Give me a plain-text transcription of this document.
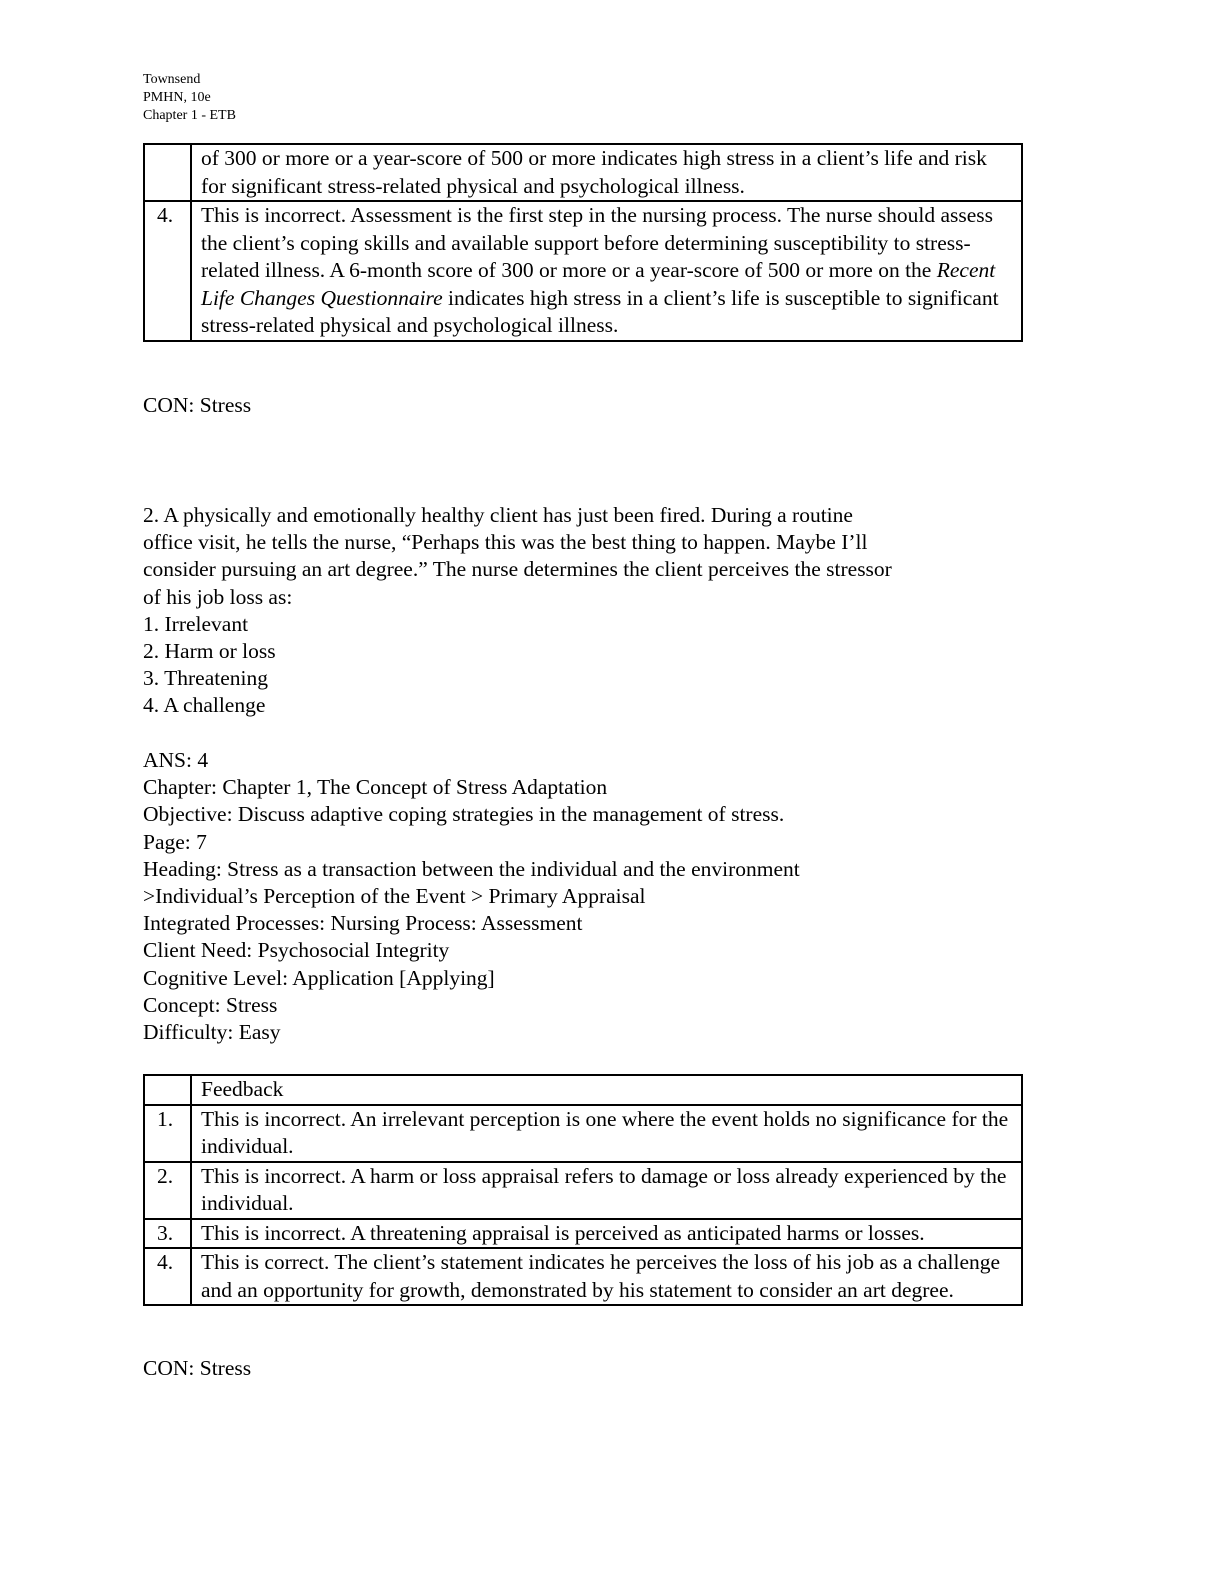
Townsend
PMHN, 10e
Chapter 1 - ETB
	of 300 or more or a year-score of 500 or more indicates high stress in a client’s life and risk for significant stress-related physical and psychological illness.
4.	This is incorrect. Assessment is the first step in the nursing process. The nurse should assess the client’s coping skills and available support before determining susceptibility to stress-related illness. A 6-month score of 300 or more or a year-score of 500 or more on the Recent Life Changes Questionnaire indicates high stress in a client’s life is susceptible to significant stress-related physical and psychological illness.
CON: Stress
2. A physically and emotionally healthy client has just been fired. During a routine
office visit, he tells the nurse, “Perhaps this was the best thing to happen. Maybe I’ll
consider pursuing an art degree.” The nurse determines the client perceives the stressor
of his job loss as:
1. Irrelevant
2. Harm or loss
3. Threatening
4. A challenge
ANS: 4
Chapter: Chapter 1, The Concept of Stress Adaptation
Objective: Discuss adaptive coping strategies in the management of stress.
Page: 7
Heading: Stress as a transaction between the individual and the environment
>Individual’s Perception of the Event > Primary Appraisal
Integrated Processes: Nursing Process: Assessment
Client Need: Psychosocial Integrity
Cognitive Level: Application [Applying]
Concept: Stress
Difficulty: Easy
	Feedback
1.	This is incorrect. An irrelevant perception is one where the event holds no significance for the individual.
2.	This is incorrect. A harm or loss appraisal refers to damage or loss already experienced by the individual.
3.	This is incorrect. A threatening appraisal is perceived as anticipated harms or losses.
4.	This is correct. The client’s statement indicates he perceives the loss of his job as a challenge and an opportunity for growth, demonstrated by his statement to consider an art degree.
CON: Stress
